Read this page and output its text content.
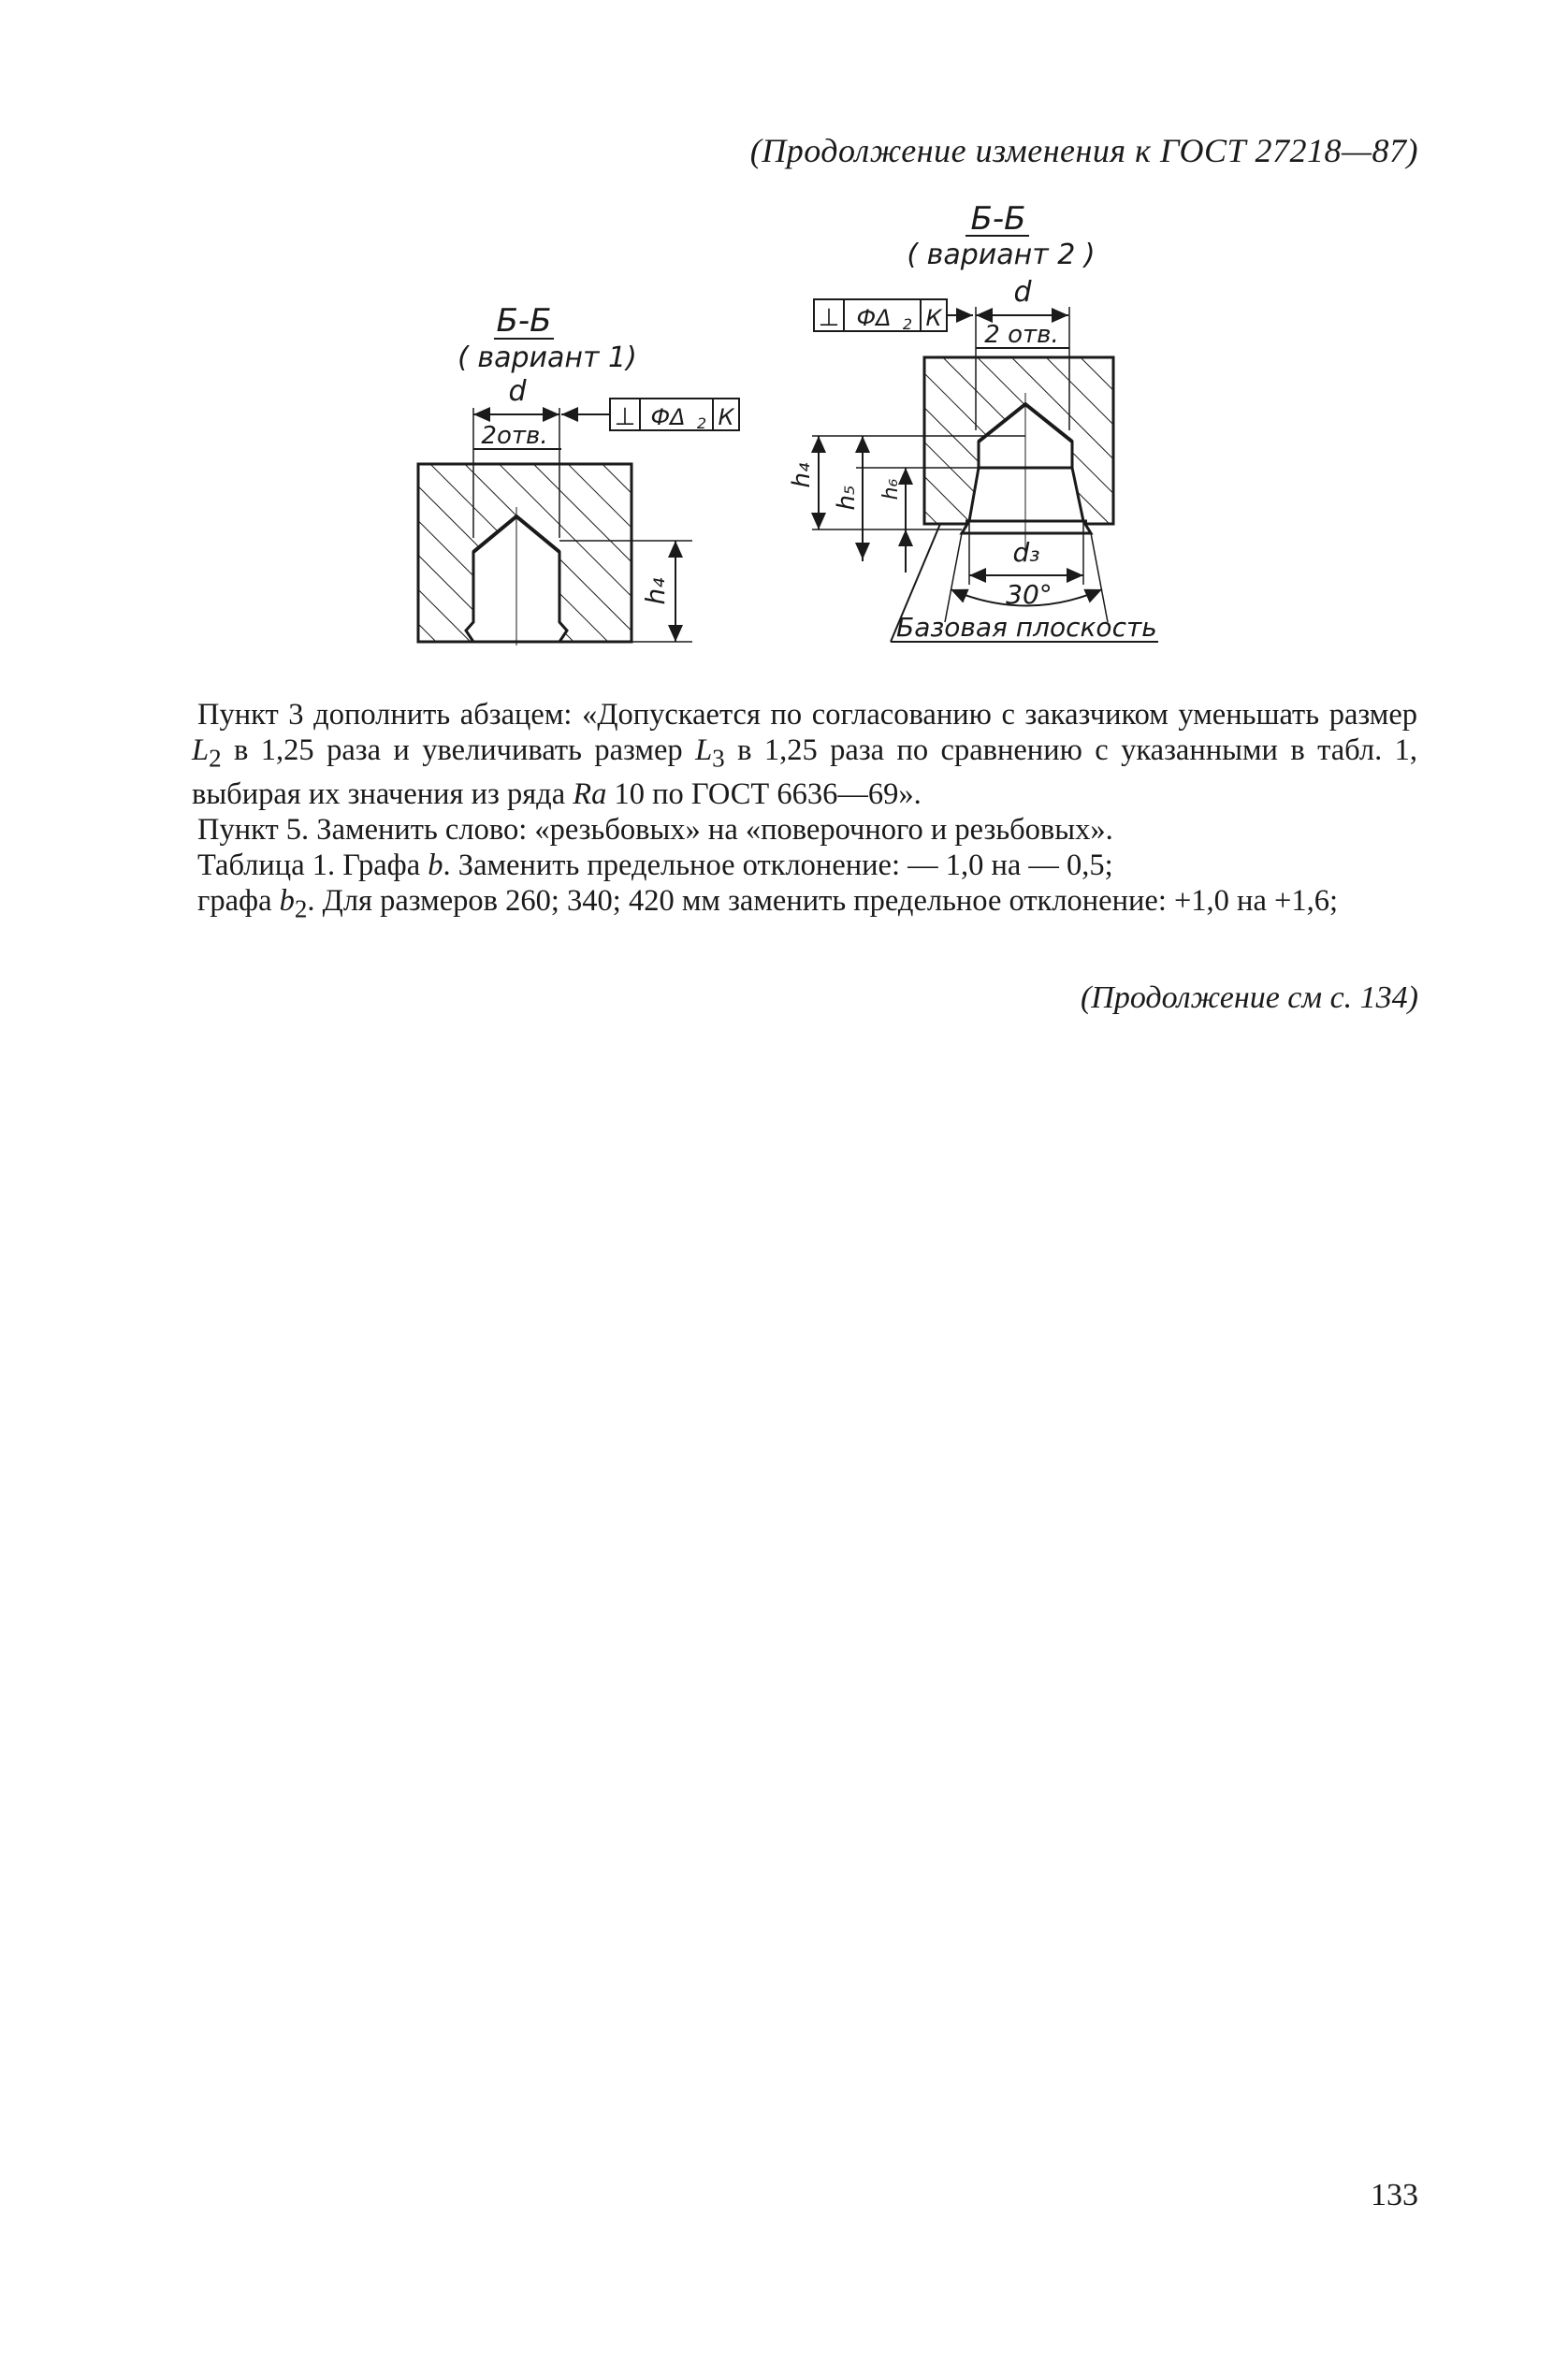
(Продолжение изменения к ГОСТ 27218—87)
Б-Б
( вариант 1)
⊥ ФΔ 2 К
d
2отв.
h₄
Б-Б
( вариант 2 )
⊥ ФΔ 2 К
d
2 отв.
h₄
h₅ h₆
d₃
30°
Базовая плоскость

Пункт 3 дополнить абзацем: «Допускается по согласованию с заказчиком уменьшать размер $L_2$ в 1,25 раза и увеличивать размер $L_3$ в 1,25 раза по сравнению с указанными в табл. 1, выбирая их значения из ряда Ra 10 по ГОСТ 6636—69».

Пункт 5. Заменить слово: «резьбовых» на «поверочного и резьбовых».

Таблица 1. Графа b. Заменить предельное отклонение: — 1,0 на — 0,5;

графа $b_2$. Для размеров 260; 340; 420 мм заменить предельное отклонение: +1,0 на +1,6;

(Продолжение см с. 134)
133
